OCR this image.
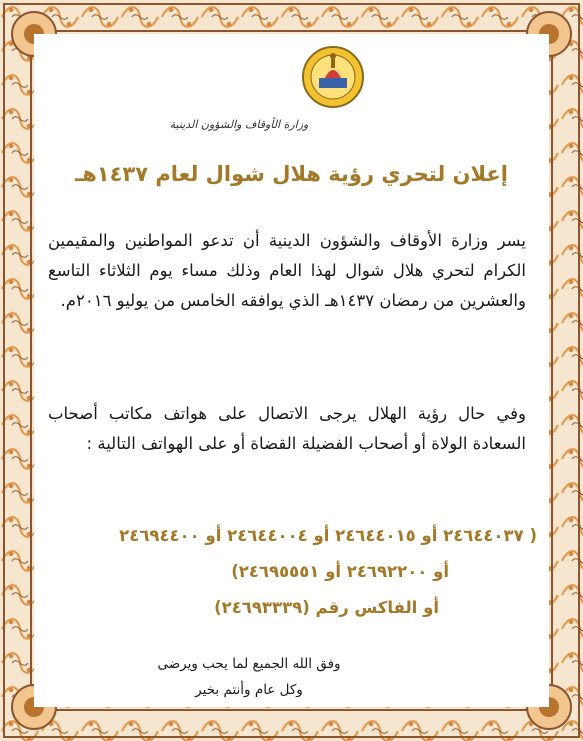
وزارة الأوقاف والشؤون الدينية
إعلان لتحري رؤية هلال شوال لعام ١٤٣٧هـ
يسر وزارة الأوقاف والشؤون الدينية أن تدعو المواطنين والمقيمين الكرام لتحري هلال شوال لهذا العام وذلك مساء يوم الثلاثاء التاسع والعشرين من رمضان ١٤٣٧هـ الذي يوافقه الخامس من يوليو ٢٠١٦م.
وفي حال رؤية الهلال يرجى الاتصال على هواتف مكاتب أصحاب السعادة الولاة أو أصحاب الفضيلة القضاة أو على الهواتف التالية :
( ٢٤٦٤٤٠٣٧ أو ٢٤٦٤٤٠١٥ أو ٢٤٦٤٤٠٠٤ أو ٢٤٦٩٤٤٠٠
أو ٢٤٦٩٢٢٠٠ أو ٢٤٦٩٥٥٥١)
أو الفاكس رقم (٢٤٦٩٣٣٣٩)
وفق الله الجميع لما يحب ويرضى
وكل عام وأنتم بخير
